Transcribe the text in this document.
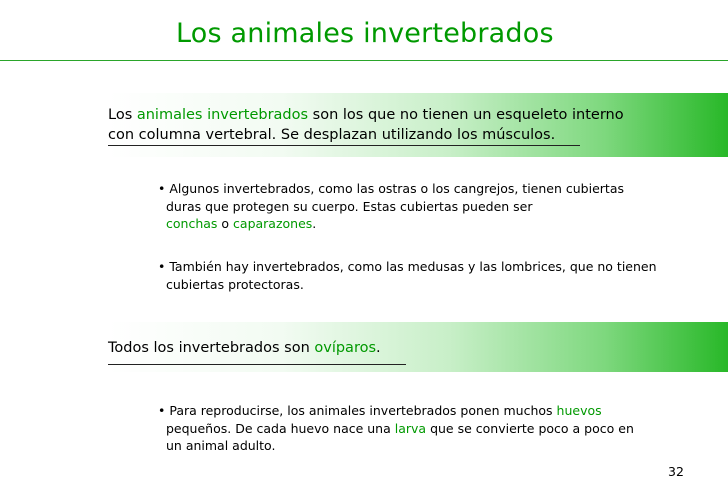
Los animales invertebrados
Los animales invertebrados son los que no tienen un esqueleto interno
con columna vertebral. Se desplazan utilizando los músculos.
• Algunos invertebrados, como las ostras o los cangrejos, tienen cubiertas
duras que protegen su cuerpo. Estas cubiertas pueden ser
conchas o caparazones.
• También hay invertebrados, como las medusas y las lombrices, que no tienen
cubiertas protectoras.
Todos los invertebrados son ovíparos.
• Para reproducirse, los animales invertebrados ponen muchos huevos
pequeños. De cada huevo nace una larva que se convierte poco a poco en
un animal adulto.
32
